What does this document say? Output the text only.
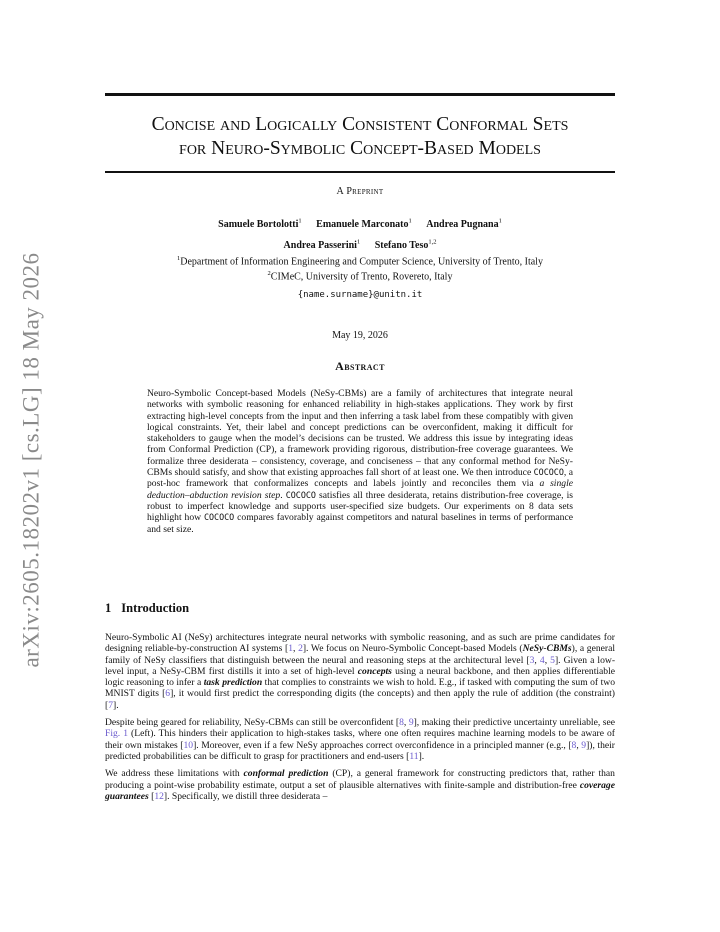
arXiv:2605.18202v1 [cs.LG] 18 May 2026
Concise and Logically Consistent Conformal Sets
for Neuro-Symbolic Concept-Based Models
A Preprint
Samuele Bortolotti$^1$ Emanuele Marconato$^1$ Andrea Pugnana$^1$
Andrea Passerini$^1$ Stefano Teso$^{1,2}$
$^1$Department of Information Engineering and Computer Science, University of Trento, Italy
$^2$CIMeC, University of Trento, Rovereto, Italy
{name.surname}@unitn.it
May 19, 2026
Abstract
Neuro-Symbolic Concept-based Models (NeSy-CBMs) are a family of architectures that integrate neural networks with symbolic reasoning for enhanced reliability in high-stakes applications. They work by first extracting high-level concepts from the input and then inferring a task label from these compatibly with given logical constraints. Yet, their label and concept predictions can be overconfident, making it difficult for stakeholders to gauge when the model’s decisions can be trusted. We address this issue by integrating ideas from Conformal Prediction (CP), a framework providing rigorous, distribution-free coverage guarantees. We formalize three desiderata – consistency, coverage, and conciseness – that any conformal method for NeSy-CBMs should satisfy, and show that existing approaches fall short of at least one. We then introduce COCOCO, a post-hoc framework that conformalizes concepts and labels jointly and reconciles them via a single deduction–abduction revision step. COCOCO satisfies all three desiderata, retains distribution-free coverage, is robust to imperfect knowledge and supports user-specified size budgets. Our experiments on 8 data sets highlight how COCOCO compares favorably against competitors and natural baselines in terms of performance and set size.
1 Introduction

Neuro-Symbolic AI (NeSy) architectures integrate neural networks with symbolic reasoning, and as such are prime candidates for designing reliable-by-construction AI systems [1, 2]. We focus on Neuro-Symbolic Concept-based Models (NeSy-CBMs), a general family of NeSy classifiers that distinguish between the neural and reasoning steps at the architectural level [3, 4, 5]. Given a low-level input, a NeSy-CBM first distills it into a set of high-level concepts using a neural backbone, and then applies differentiable logic reasoning to infer a task prediction that complies to constraints we wish to hold. E.g., if tasked with computing the sum of two MNIST digits [6], it would first predict the corresponding digits (the concepts) and then apply the rule of addition (the constraint) [7].

Despite being geared for reliability, NeSy-CBMs can still be overconfident [8, 9], making their predictive uncertainty unreliable, see Fig. 1 (Left). This hinders their application to high-stakes tasks, where one often requires machine learning models to be aware of their own mistakes [10]. Moreover, even if a few NeSy approaches correct overconfidence in a principled manner (e.g., [8, 9]), their predicted probabilities can be difficult to grasp for practitioners and end-users [11].

We address these limitations with conformal prediction (CP), a general framework for constructing predictors that, rather than producing a point-wise probability estimate, output a set of plausible alternatives with finite-sample and distribution-free coverage guarantees [12]. Specifically, we distill three desiderata –
